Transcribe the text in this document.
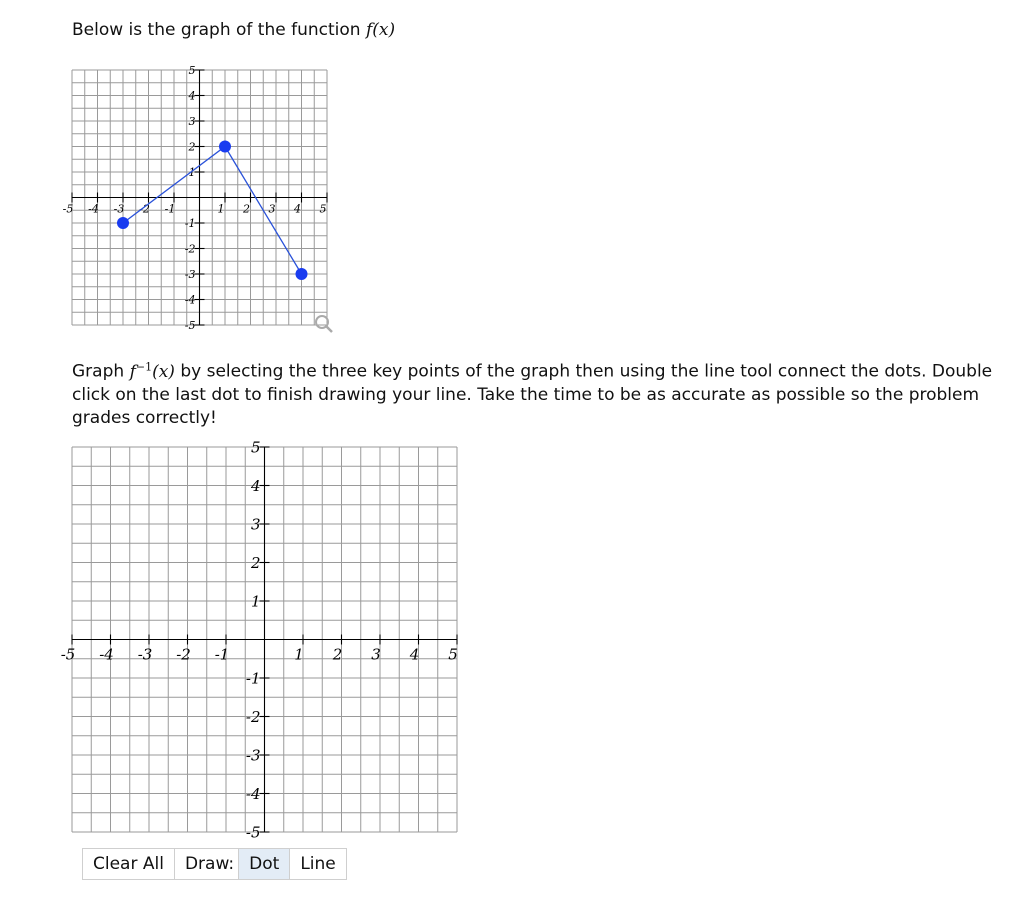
Below is the graph of the function f(x)
-5 -4 -3 -2 -1	1 2 3 4 5
5
4
3
2
1
-1
-2
-3
-4
-5
Graph $f^{-1}(x)$ by selecting the three key points of the graph then using the line tool connect the dots. Double click on the last dot to finish drawing your line. Take the time to be as accurate as possible so the problem grades correctly!
-5 -4 -3 -2 -1	1 2 3 4 5
5
4
3
2
1
-1
-2
-3
-4
-5
Clear All	Draw: Dot	Line
